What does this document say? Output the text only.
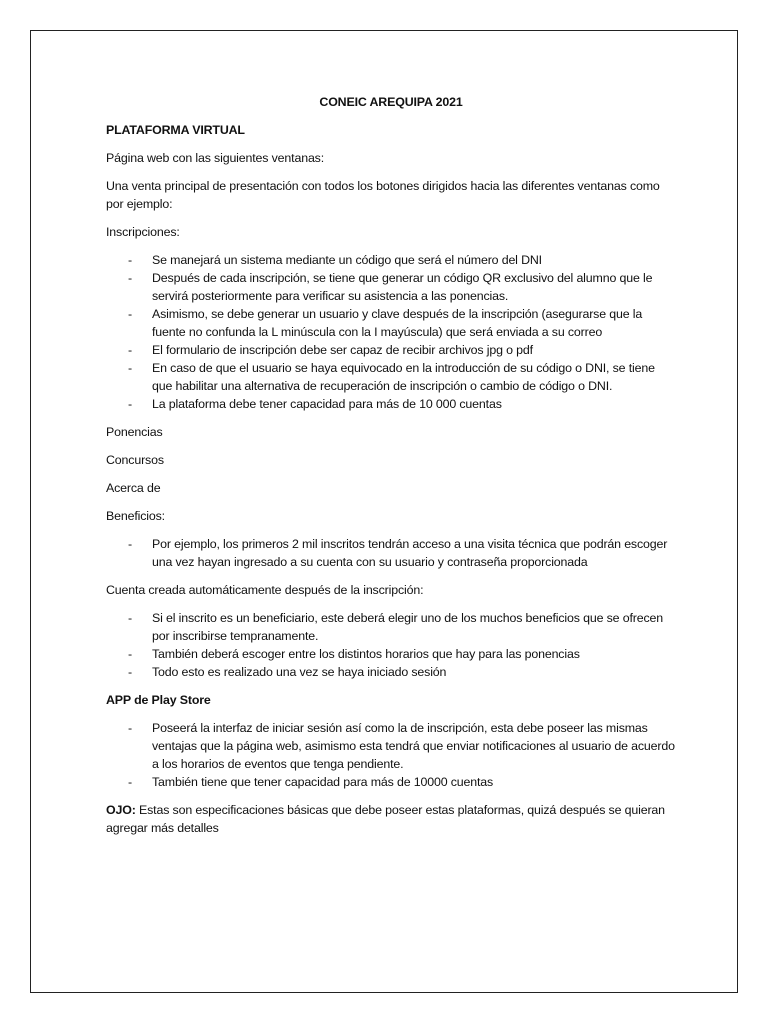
CONEIC AREQUIPA 2021

PLATAFORMA VIRTUAL

Página web con las siguientes ventanas:

Una venta principal de presentación con todos los botones dirigidos hacia las diferentes ventanas como por ejemplo:

Inscripciones:

- Se manejará un sistema mediante un código que será el número del DNI
- Después de cada inscripción, se tiene que generar un código QR exclusivo del alumno que le servirá posteriormente para verificar su asistencia a las ponencias.
- Asimismo, se debe generar un usuario y clave después de la inscripción (asegurarse que la fuente no confunda la L minúscula con la I mayúscula) que será enviada a su correo
- El formulario de inscripción debe ser capaz de recibir archivos jpg o pdf
- En caso de que el usuario se haya equivocado en la introducción de su código o DNI, se tiene que habilitar una alternativa de recuperación de inscripción o cambio de código o DNI.
- La plataforma debe tener capacidad para más de 10 000 cuentas

Ponencias

Concursos

Acerca de

Beneficios:

- Por ejemplo, los primeros 2 mil inscritos tendrán acceso a una visita técnica que podrán escoger una vez hayan ingresado a su cuenta con su usuario y contraseña proporcionada

Cuenta creada automáticamente después de la inscripción:

- Si el inscrito es un beneficiario, este deberá elegir uno de los muchos beneficios que se ofrecen por inscribirse tempranamente.
- También deberá escoger entre los distintos horarios que hay para las ponencias
- Todo esto es realizado una vez se haya iniciado sesión

APP de Play Store

- Poseerá la interfaz de iniciar sesión así como la de inscripción, esta debe poseer las mismas ventajas que la página web, asimismo esta tendrá que enviar notificaciones al usuario de acuerdo a los horarios de eventos que tenga pendiente.
- También tiene que tener capacidad para más de 10000 cuentas

OJO: Estas son especificaciones básicas que debe poseer estas plataformas, quizá después se quieran agregar más detalles
